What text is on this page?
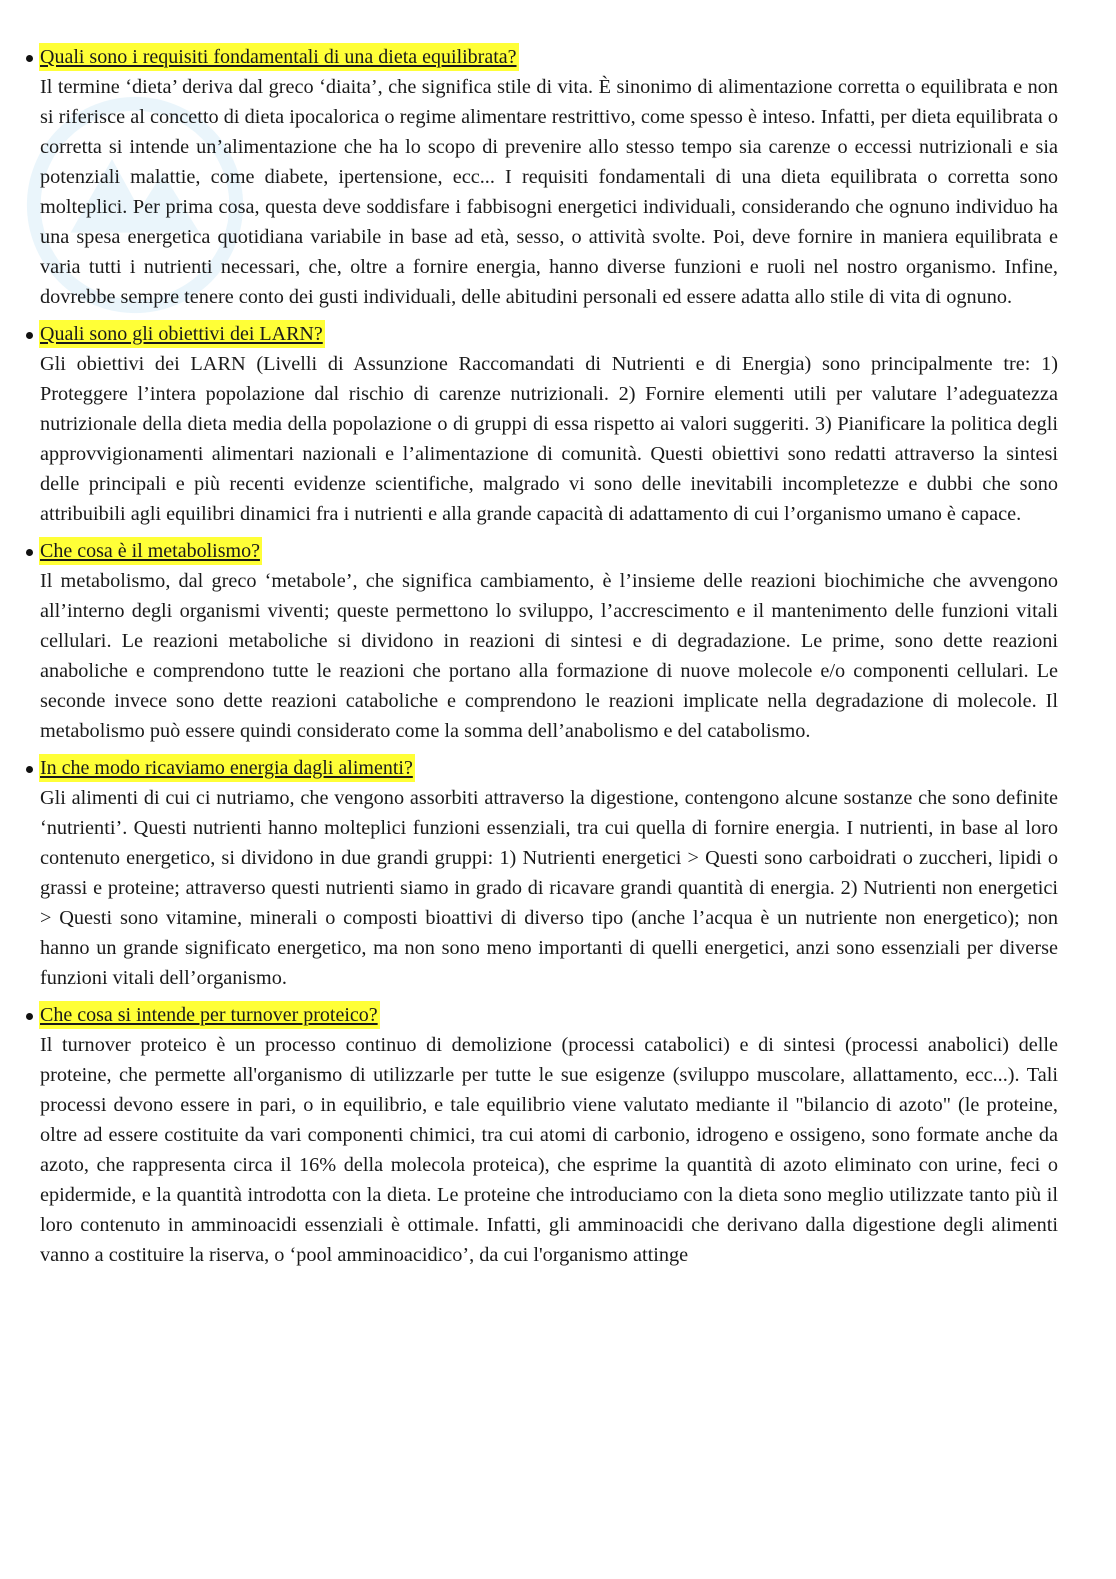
Quali sono i requisiti fondamentali di una dieta equilibrata?

Il termine ‘dieta’ deriva dal greco ‘diaita’, che significa stile di vita. È sinonimo di alimentazione corretta o equilibrata e non si riferisce al concetto di dieta ipocalorica o regime alimentare restrittivo, come spesso è inteso. Infatti, per dieta equilibrata o corretta si intende un’alimentazione che ha lo scopo di prevenire allo stesso tempo sia carenze o eccessi nutrizionali e sia potenziali malattie, come diabete, ipertensione, ecc... I requisiti fondamentali di una dieta equilibrata o corretta sono molteplici. Per prima cosa, questa deve soddisfare i fabbisogni energetici individuali, considerando che ognuno individuo ha una spesa energetica quotidiana variabile in base ad età, sesso, o attività svolte. Poi, deve fornire in maniera equilibrata e varia tutti i nutrienti necessari, che, oltre a fornire energia, hanno diverse funzioni e ruoli nel nostro organismo. Infine, dovrebbe sempre tenere conto dei gusti individuali, delle abitudini personali ed essere adatta allo stile di vita di ognuno.

Quali sono gli obiettivi dei LARN?

Gli obiettivi dei LARN (Livelli di Assunzione Raccomandati di Nutrienti e di Energia) sono principalmente tre: 1) Proteggere l’intera popolazione dal rischio di carenze nutrizionali. 2) Fornire elementi utili per valutare l’adeguatezza nutrizionale della dieta media della popolazione o di gruppi di essa rispetto ai valori suggeriti. 3) Pianificare la politica degli approvvigionamenti alimentari nazionali e l’alimentazione di comunità. Questi obiettivi sono redatti attraverso la sintesi delle principali e più recenti evidenze scientifiche, malgrado vi sono delle inevitabili incompletezze e dubbi che sono attribuibili agli equilibri dinamici fra i nutrienti e alla grande capacità di adattamento di cui l’organismo umano è capace.

Che cosa è il metabolismo?

Il metabolismo, dal greco ‘metabole’, che significa cambiamento, è l’insieme delle reazioni biochimiche che avvengono all’interno degli organismi viventi; queste permettono lo sviluppo, l’accrescimento e il mantenimento delle funzioni vitali cellulari. Le reazioni metaboliche si dividono in reazioni di sintesi e di degradazione. Le prime, sono dette reazioni anaboliche e comprendono tutte le reazioni che portano alla formazione di nuove molecole e/o componenti cellulari. Le seconde invece sono dette reazioni cataboliche e comprendono le reazioni implicate nella degradazione di molecole. Il metabolismo può essere quindi considerato come la somma dell’anabolismo e del catabolismo.

In che modo ricaviamo energia dagli alimenti?

Gli alimenti di cui ci nutriamo, che vengono assorbiti attraverso la digestione, contengono alcune sostanze che sono definite ‘nutrienti’. Questi nutrienti hanno molteplici funzioni essenziali, tra cui quella di fornire energia. I nutrienti, in base al loro contenuto energetico, si dividono in due grandi gruppi: 1) Nutrienti energetici > Questi sono carboidrati o zuccheri, lipidi o grassi e proteine; attraverso questi nutrienti siamo in grado di ricavare grandi quantità di energia. 2) Nutrienti non energetici > Questi sono vitamine, minerali o composti bioattivi di diverso tipo (anche l’acqua è un nutriente non energetico); non hanno un grande significato energetico, ma non sono meno importanti di quelli energetici, anzi sono essenziali per diverse funzioni vitali dell’organismo.

Che cosa si intende per turnover proteico?

Il turnover proteico è un processo continuo di demolizione (processi catabolici) e di sintesi (processi anabolici) delle proteine, che permette all'organismo di utilizzarle per tutte le sue esigenze (sviluppo muscolare, allattamento, ecc...). Tali processi devono essere in pari, o in equilibrio, e tale equilibrio viene valutato mediante il "bilancio di azoto" (le proteine, oltre ad essere costituite da vari componenti chimici, tra cui atomi di carbonio, idrogeno e ossigeno, sono formate anche da azoto, che rappresenta circa il 16% della molecola proteica), che esprime la quantità di azoto eliminato con urine, feci o epidermide, e la quantità introdotta con la dieta. Le proteine che introduciamo con la dieta sono meglio utilizzate tanto più il loro contenuto in amminoacidi essenziali è ottimale. Infatti, gli amminoacidi che derivano dalla digestione degli alimenti vanno a costituire la riserva, o ‘pool amminoacidico’, da cui l'organismo attinge
